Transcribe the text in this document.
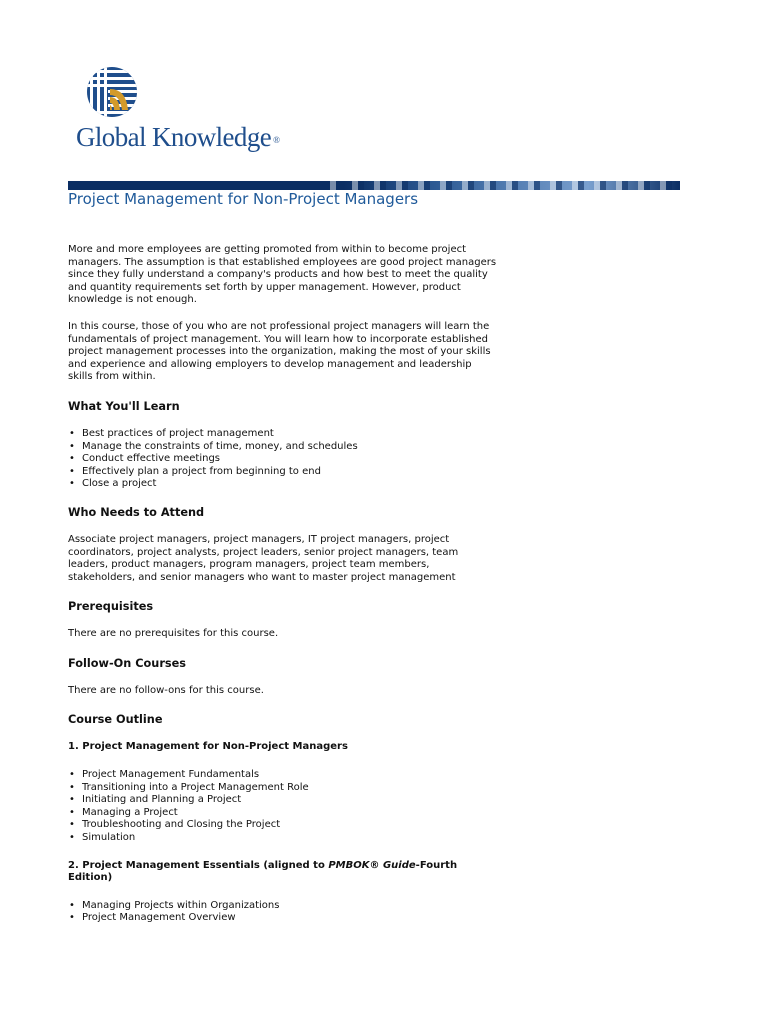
Global Knowledge ®
Project Management for Non-Project Managers

More and more employees are getting promoted from within to become project managers. The assumption is that established employees are good project managers since they fully understand a company's products and how best to meet the quality and quantity requirements set forth by upper management. However, product knowledge is not enough.

In this course, those of you who are not professional project managers will learn the fundamentals of project management. You will learn how to incorporate established project management processes into the organization, making the most of your skills and experience and allowing employers to develop management and leadership skills from within.

What You'll Learn
• Best practices of project management
• Manage the constraints of time, money, and schedules
• Conduct effective meetings
• Effectively plan a project from beginning to end
• Close a project
Who Needs to Attend

Associate project managers, project managers, IT project managers, project coordinators, project analysts, project leaders, senior project managers, team leaders, product managers, program managers, project team members, stakeholders, and senior managers who want to master project management

Prerequisites

There are no prerequisites for this course.

Follow-On Courses

There are no follow-ons for this course.

Course Outline
1. Project Management for Non-Project Managers
• Project Management Fundamentals
• Transitioning into a Project Management Role
• Initiating and Planning a Project
• Managing a Project
• Troubleshooting and Closing the Project
• Simulation
2. Project Management Essentials (aligned to PMBOK® Guide-Fourth Edition)
• Managing Projects within Organizations
• Project Management Overview
